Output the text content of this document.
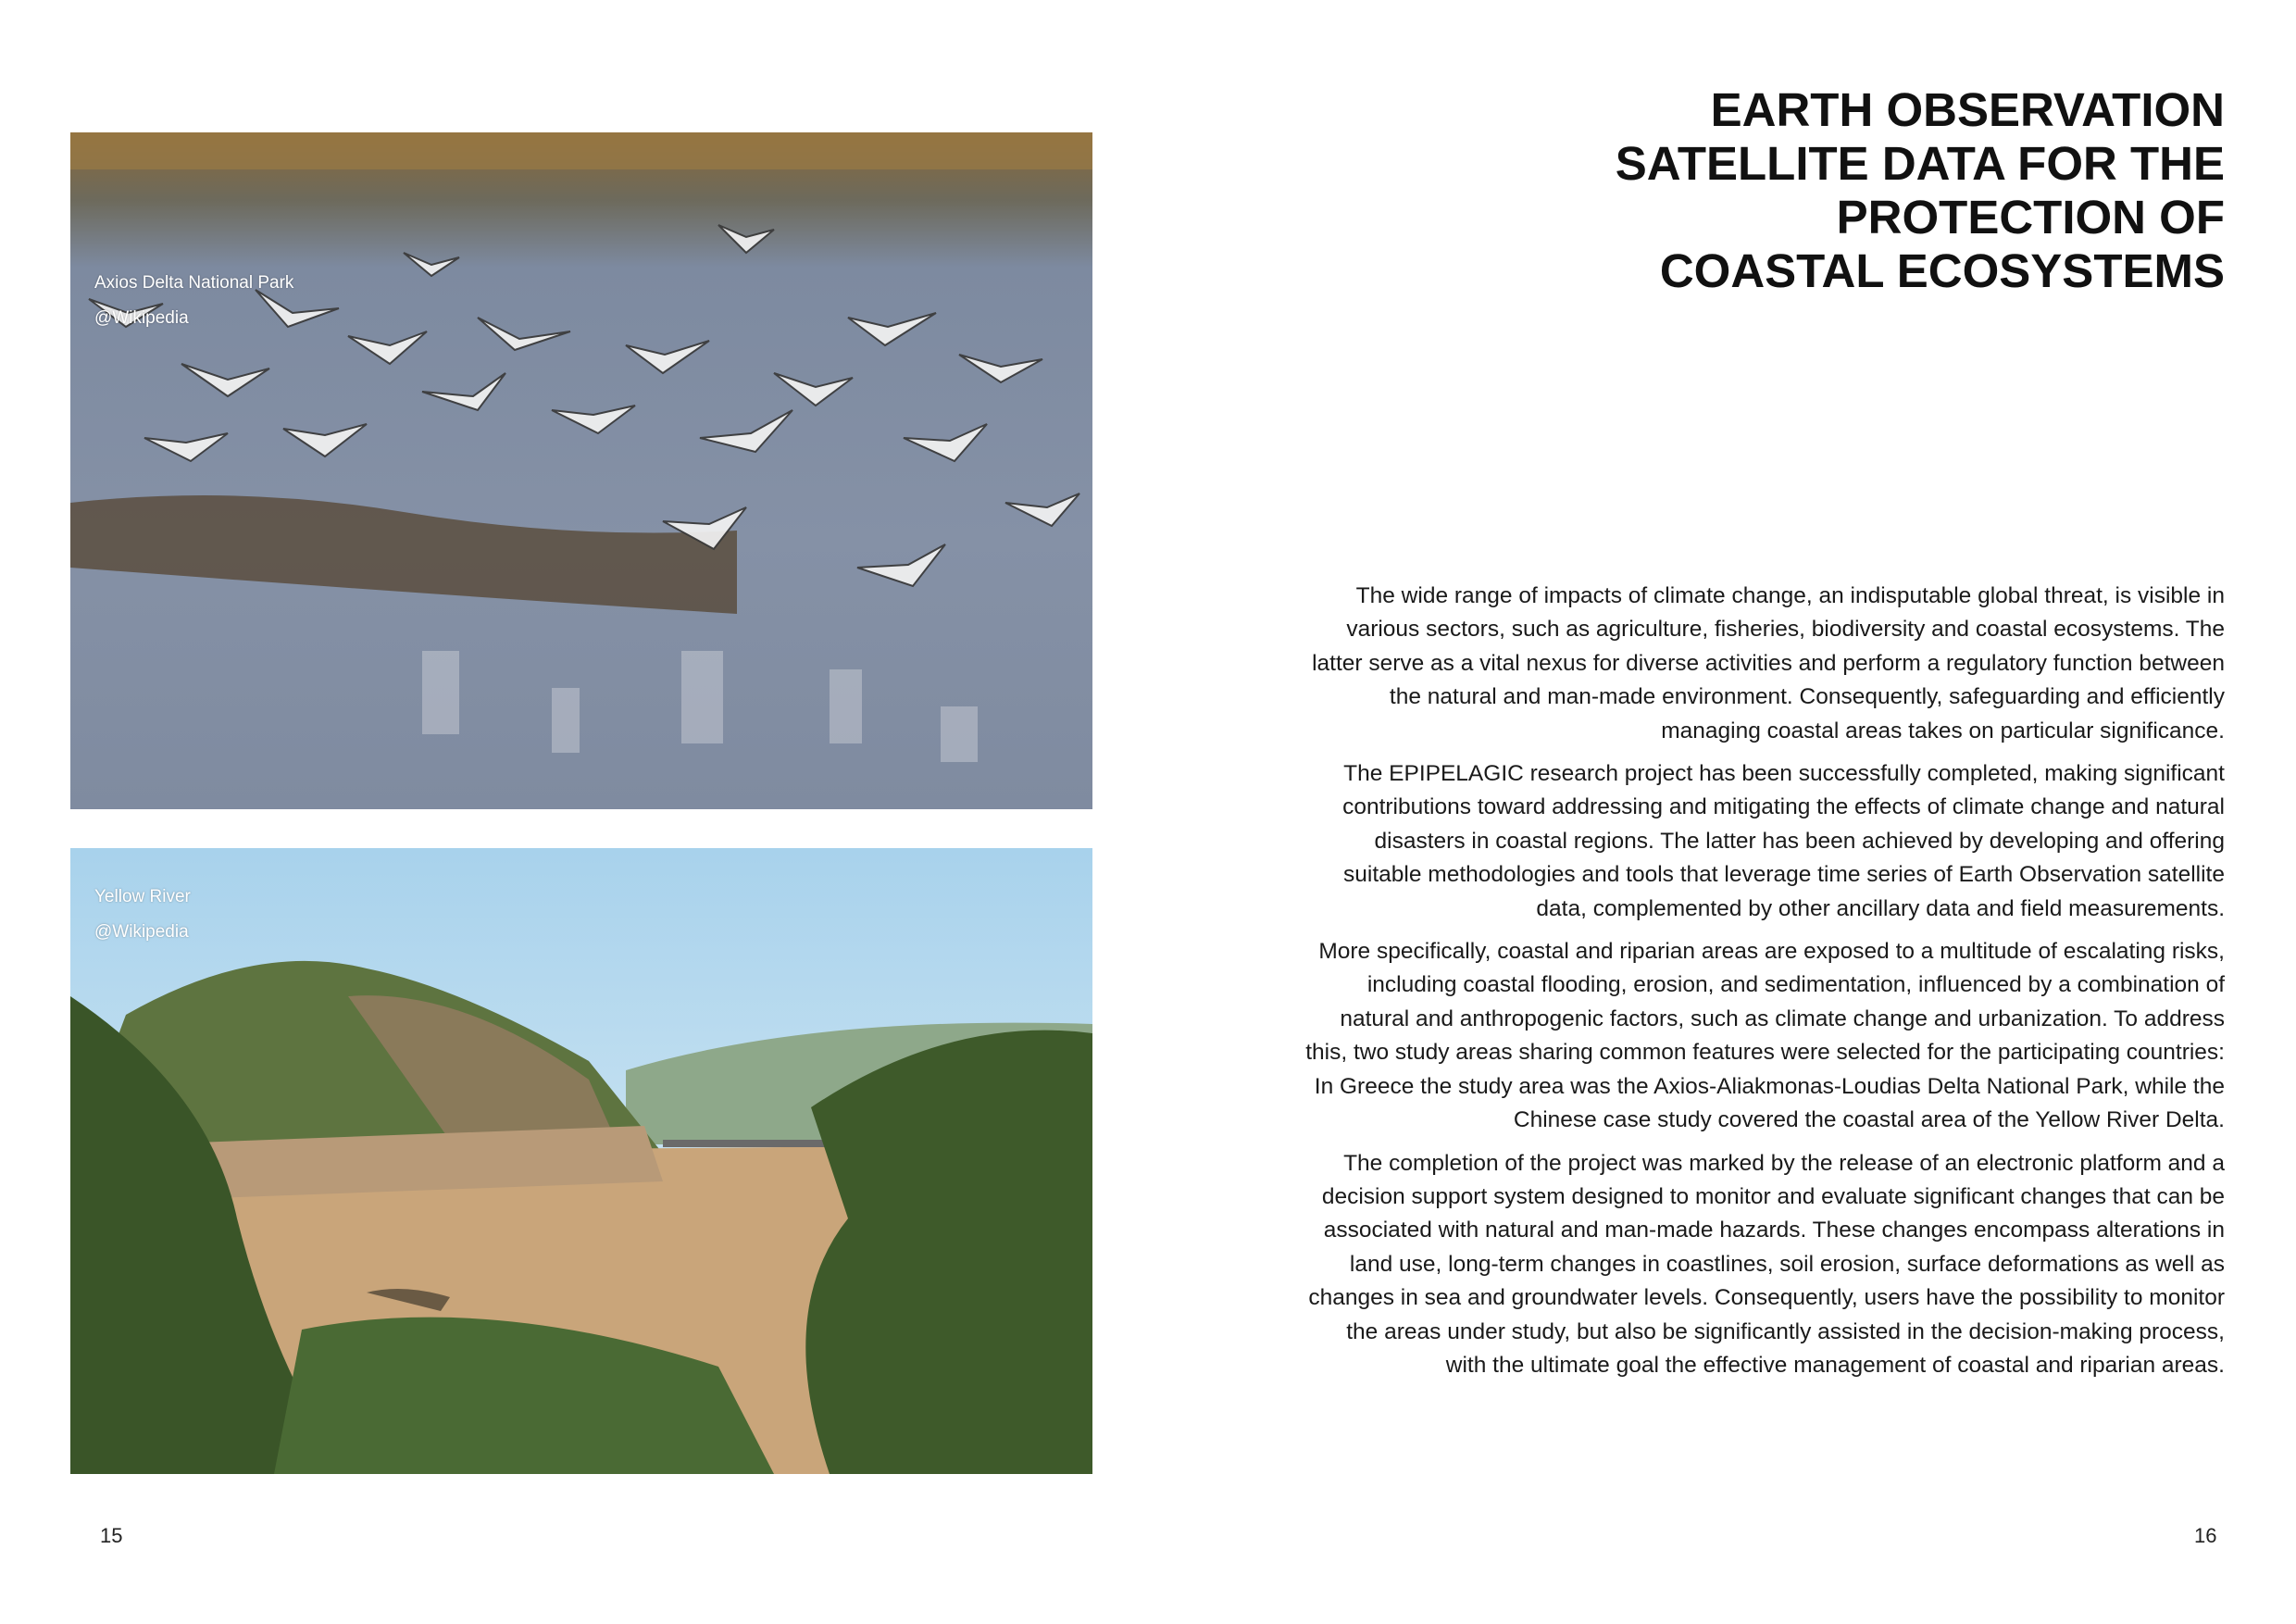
Axios Delta National Park
@Wikipedia
Yellow River
@Wikipedia
15
EARTH OBSERVATION
SATELLITE DATA FOR THE
PROTECTION OF
COASTAL ECOSYSTEMS

The wide range of impacts of climate change, an indisputable global threat, is visible in various sectors, such as agriculture, fisheries, biodiversity and coastal ecosystems. The latter serve as a vital nexus for diverse activities and perform a regulatory function between the natural and man-made environment. Consequently, safeguarding and efficiently managing coastal areas takes on particular significance.

The EPIPELAGIC research project has been successfully completed, making significant contributions toward addressing and mitigating the effects of climate change and natural disasters in coastal regions. The latter has been achieved by developing and offering suitable methodologies and tools that leverage time series of Earth Observation satellite data, complemented by other ancillary data and field measurements.

More specifically, coastal and riparian areas are exposed to a multitude of escalating risks, including coastal flooding, erosion, and sedimentation, influenced by a combination of natural and anthropogenic factors, such as climate change and urbanization. To address this, two study areas sharing common features were selected for the participating countries: In Greece the study area was the Axios-Aliakmonas-Loudias Delta National Park, while the Chinese case study covered the coastal area of the Yellow River Delta.

The completion of the project was marked by the release of an electronic platform and a decision support system designed to monitor and evaluate significant changes that can be associated with natural and man-made hazards. These changes encompass alterations in land use, long-term changes in coastlines, soil erosion, surface deformations as well as changes in sea and groundwater levels. Consequently, users have the possibility to monitor the areas under study, but also be significantly assisted in the decision-making process, with the ultimate goal the effective management of coastal and riparian areas.

16
